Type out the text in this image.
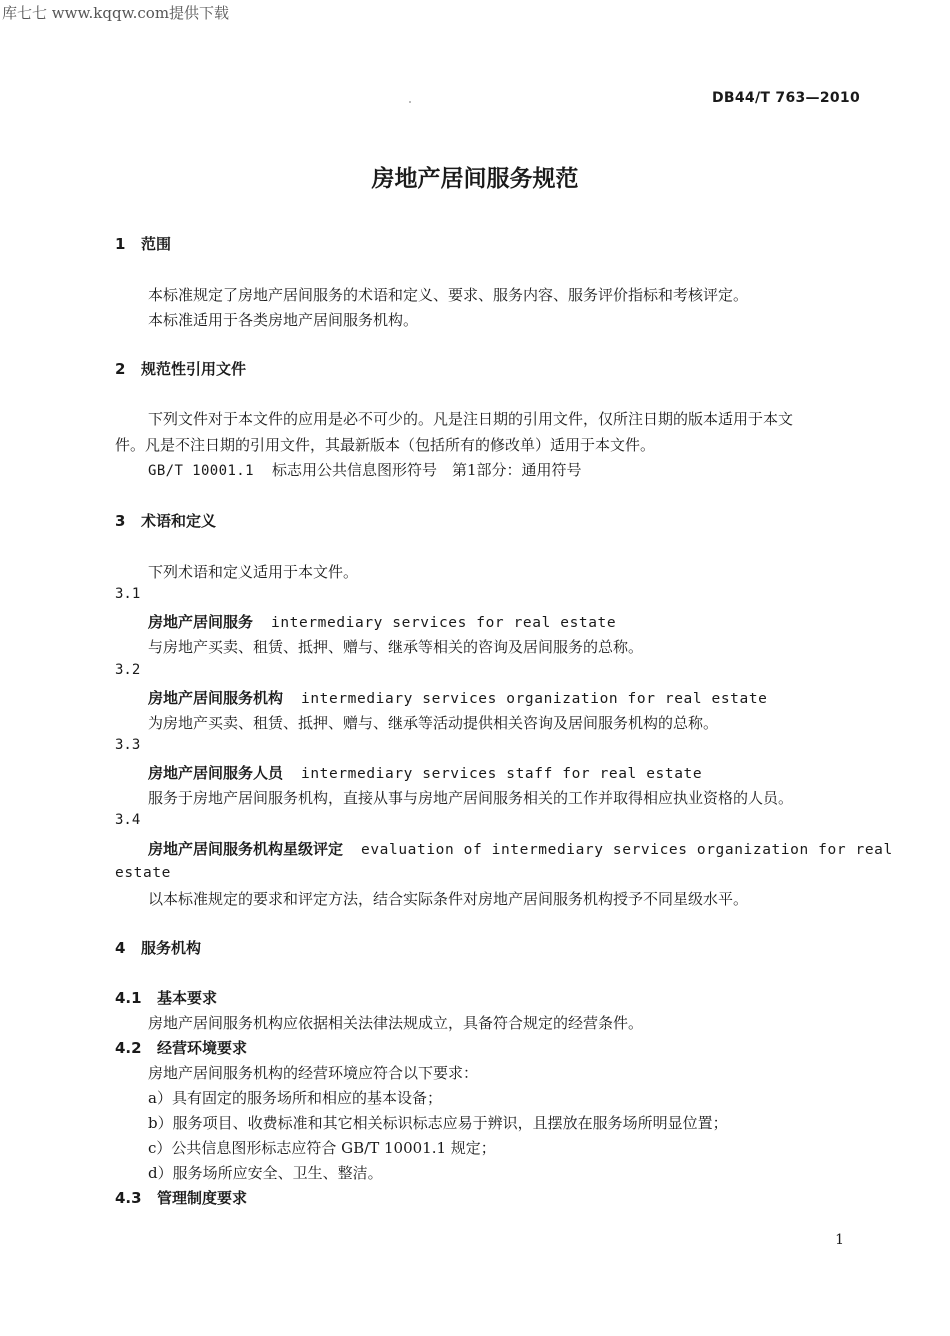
库七七 www.kqqw.com提供下载
DB44/T 763—2010
房地产居间服务规范
1 范围
本标准规定了房地产居间服务的术语和定义、要求、服务内容、服务评价指标和考核评定。
本标准适用于各类房地产居间服务机构。
2 规范性引用文件
下列文件对于本文件的应用是必不可少的。凡是注日期的引用文件，仅所注日期的版本适用于本文
件。凡是不注日期的引用文件，其最新版本（包括所有的修改单）适用于本文件。
GB/T 10001.1 标志用公共信息图形符号　第1部分：通用符号
3 术语和定义
下列术语和定义适用于本文件。
3.1
房地产居间服务 intermediary services for real estate
与房地产买卖、租赁、抵押、赠与、继承等相关的咨询及居间服务的总称。
3.2
房地产居间服务机构 intermediary services organization for real estate
为房地产买卖、租赁、抵押、赠与、继承等活动提供相关咨询及居间服务机构的总称。
3.3
房地产居间服务人员 intermediary services staff for real estate
服务于房地产居间服务机构，直接从事与房地产居间服务相关的工作并取得相应执业资格的人员。
3.4
房地产居间服务机构星级评定 evaluation of intermediary services organization for real
estate
以本标准规定的要求和评定方法，结合实际条件对房地产居间服务机构授予不同星级水平。
4 服务机构
4.1 基本要求
房地产居间服务机构应依据相关法律法规成立，具备符合规定的经营条件。
4.2 经营环境要求
房地产居间服务机构的经营环境应符合以下要求：
a）具有固定的服务场所和相应的基本设备；
b）服务项目、收费标准和其它相关标识标志应易于辨识，且摆放在服务场所明显位置；
c）公共信息图形标志应符合 GB/T 10001.1 规定；
d）服务场所应安全、卫生、整洁。
4.3 管理制度要求
1
